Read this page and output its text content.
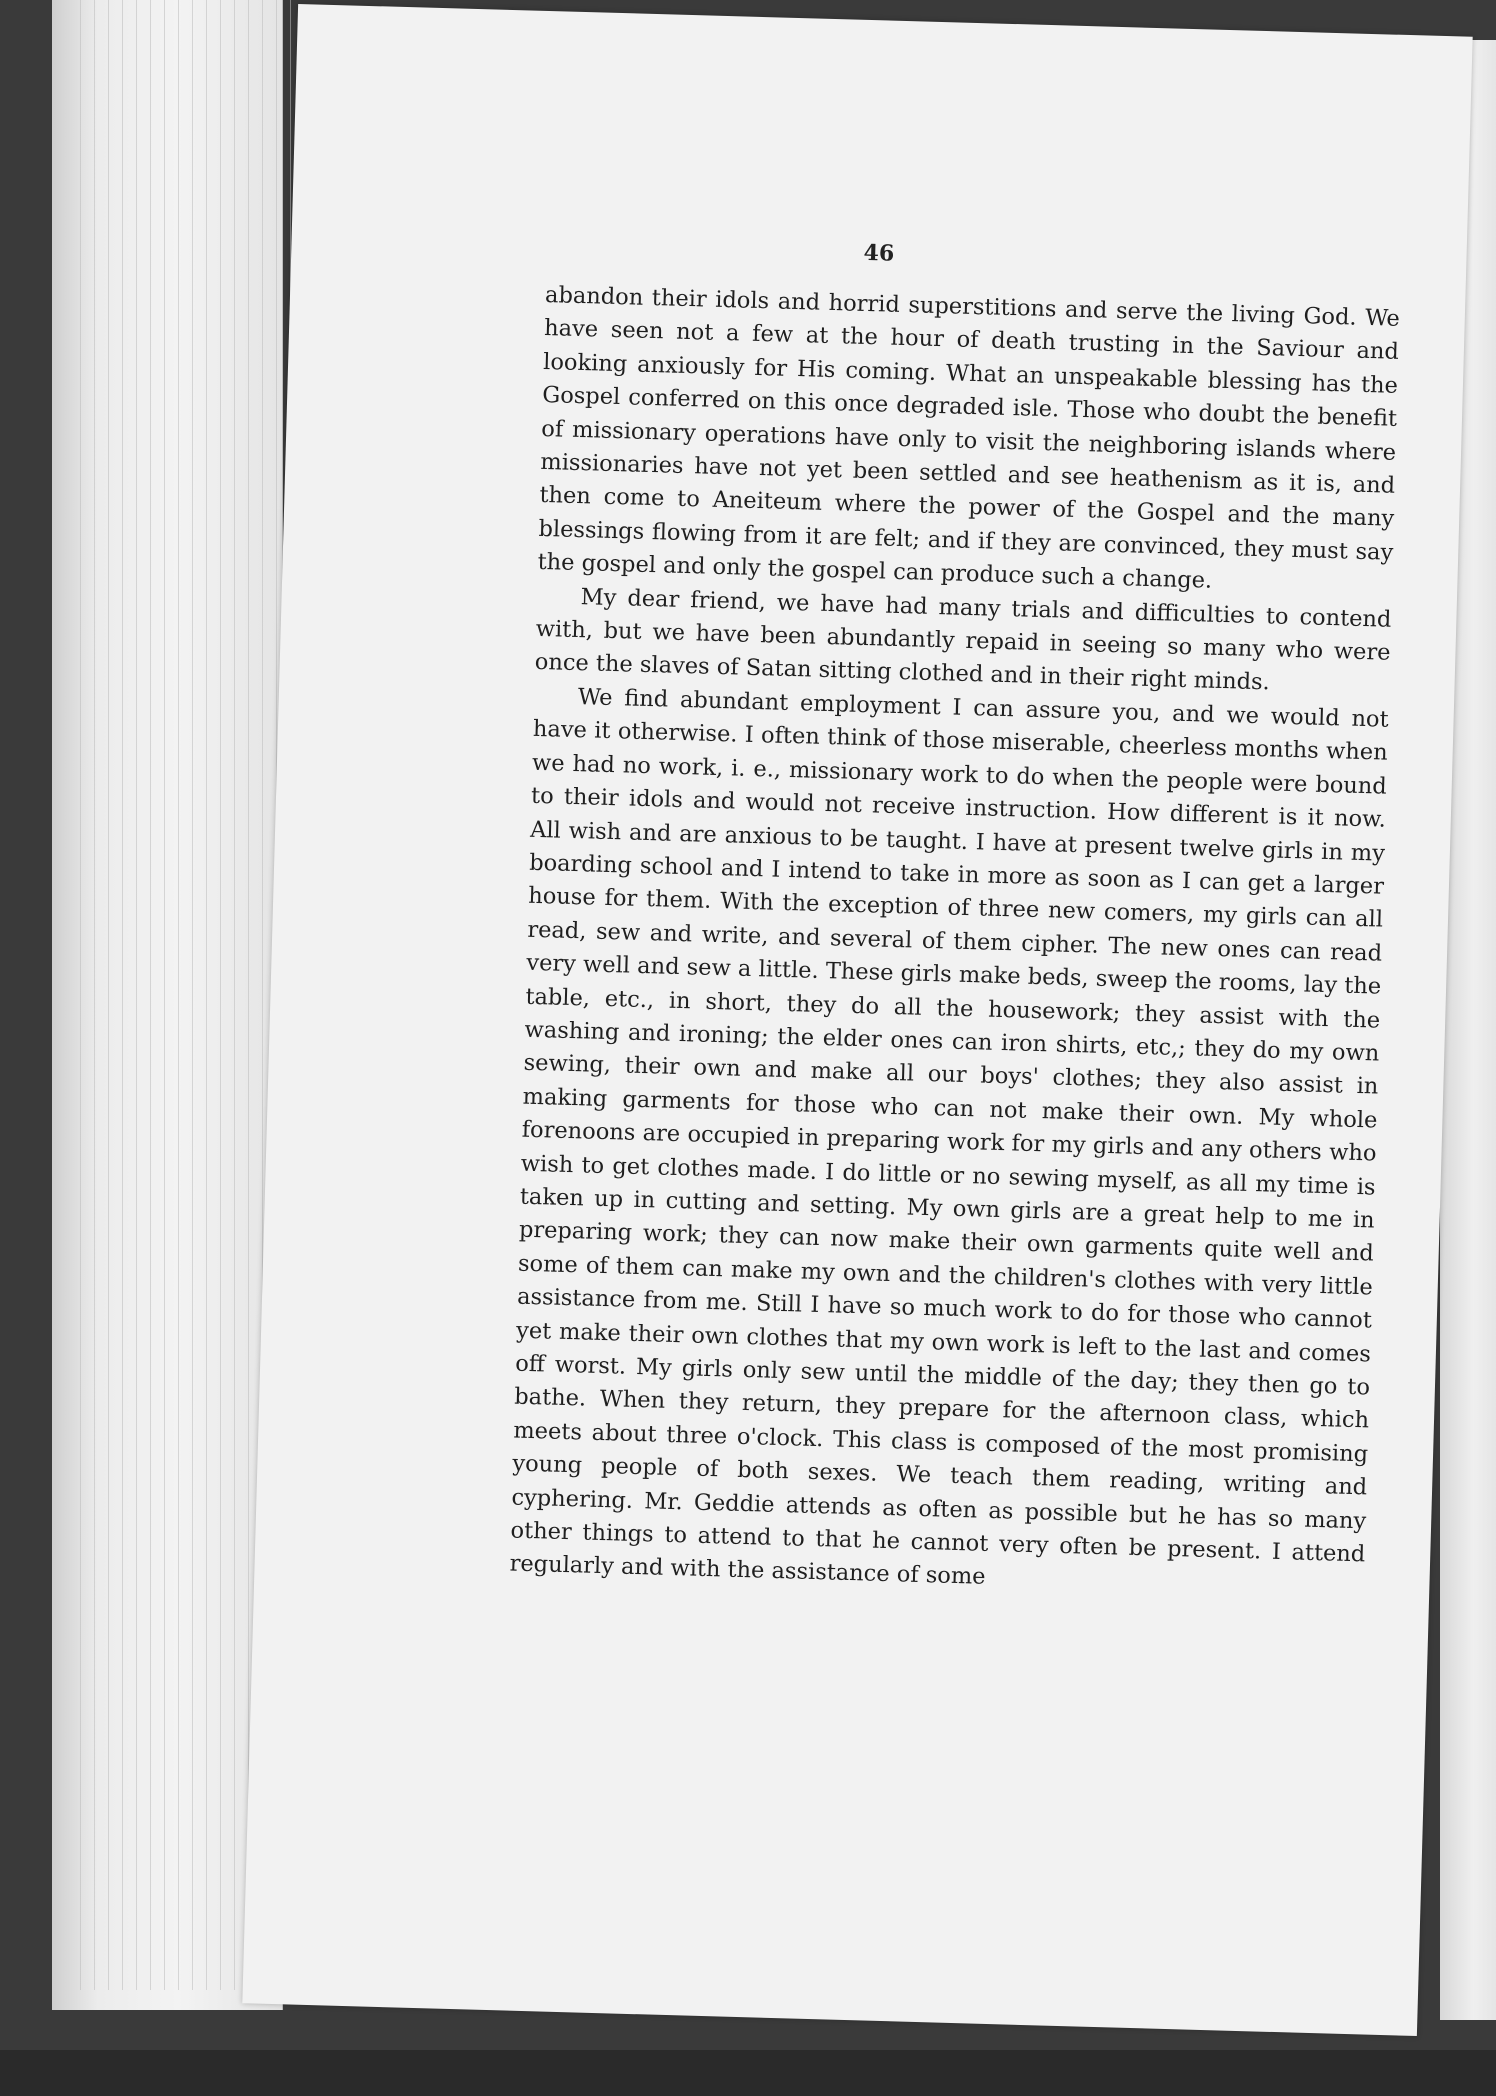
46

abandon their idols and horrid superstitions and serve the living God. We have seen not a few at the hour of death trusting in the Saviour and looking anxiously for His coming. What an unspeakable blessing has the Gospel conferred on this once degraded isle. Those who doubt the benefit of missionary operations have only to visit the neighboring islands where missionaries have not yet been settled and see heathenism as it is, and then come to Aneiteum where the power of the Gospel and the many blessings flowing from it are felt; and if they are convinced, they must say the gospel and only the gospel can produce such a change.

My dear friend, we have had many trials and difficulties to contend with, but we have been abundantly repaid in seeing so many who were once the slaves of Satan sitting clothed and in their right minds.

We find abundant employment I can assure you, and we would not have it otherwise. I often think of those miserable, cheerless months when we had no work, i. e., missionary work to do when the people were bound to their idols and would not receive instruction. How different is it now. All wish and are anxious to be taught. I have at present twelve girls in my boarding school and I intend to take in more as soon as I can get a larger house for them. With the exception of three new comers, my girls can all read, sew and write, and several of them cipher. The new ones can read very well and sew a little. These girls make beds, sweep the rooms, lay the table, etc., in short, they do all the housework; they assist with the washing and ironing; the elder ones can iron shirts, etc,; they do my own sewing, their own and make all our boys' clothes; they also assist in making garments for those who can not make their own. My whole forenoons are occupied in preparing work for my girls and any others who wish to get clothes made. I do little or no sewing myself, as all my time is taken up in cutting and setting. My own girls are a great help to me in preparing work; they can now make their own garments quite well and some of them can make my own and the children's clothes with very little assistance from me. Still I have so much work to do for those who cannot yet make their own clothes that my own work is left to the last and comes off worst. My girls only sew until the middle of the day; they then go to bathe. When they return, they prepare for the afternoon class, which meets about three o'clock. This class is composed of the most promising young people of both sexes. We teach them reading, writing and cyphering. Mr. Geddie attends as often as possible but he has so many other things to attend to that he cannot very often be present. I attend regularly and with the assistance of some
